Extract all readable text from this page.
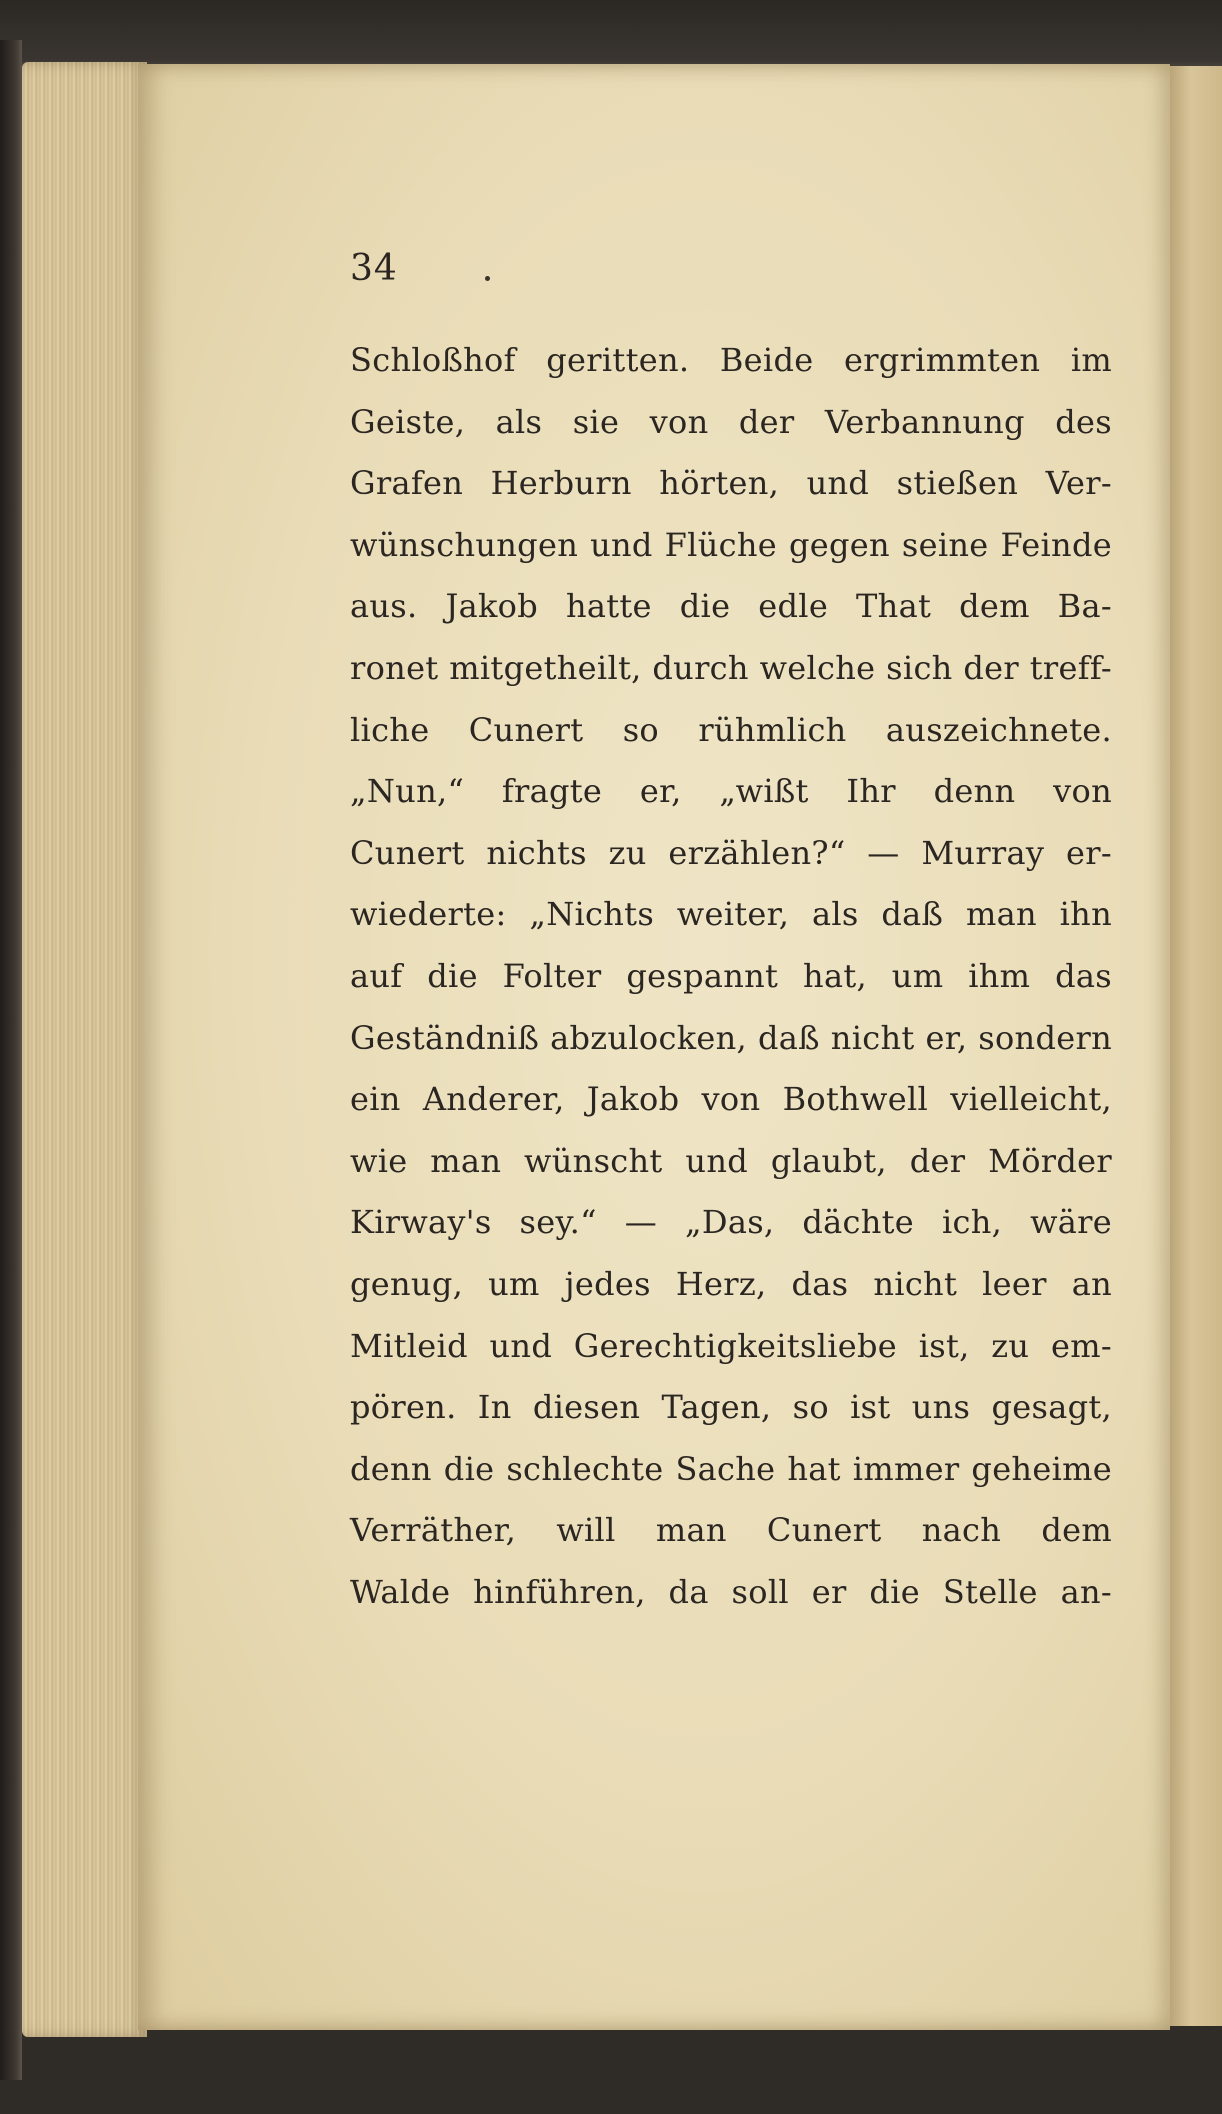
34
Schloßhof geritten. Beide ergrimmten im
Geiste, als sie von der Verbannung des
Grafen Herburn hörten, und stießen Ver-
wünschungen und Flüche gegen seine Feinde
aus. Jakob hatte die edle That dem Ba-
ronet mitgetheilt, durch welche sich der treff-
liche Cunert so rühmlich auszeichnete.
„Nun,“ fragte er, „wißt Ihr denn von
Cunert nichts zu erzählen?“ — Murray er-
wiederte: „Nichts weiter, als daß man ihn
auf die Folter gespannt hat, um ihm das
Geständniß abzulocken, daß nicht er, sondern
ein Anderer, Jakob von Bothwell vielleicht,
wie man wünscht und glaubt, der Mörder
Kirway's sey.“ — „Das, dächte ich, wäre
genug, um jedes Herz, das nicht leer an
Mitleid und Gerechtigkeitsliebe ist, zu em-
pören. In diesen Tagen, so ist uns gesagt,
denn die schlechte Sache hat immer geheime
Verräther, will man Cunert nach dem
Walde hinführen, da soll er die Stelle an-
